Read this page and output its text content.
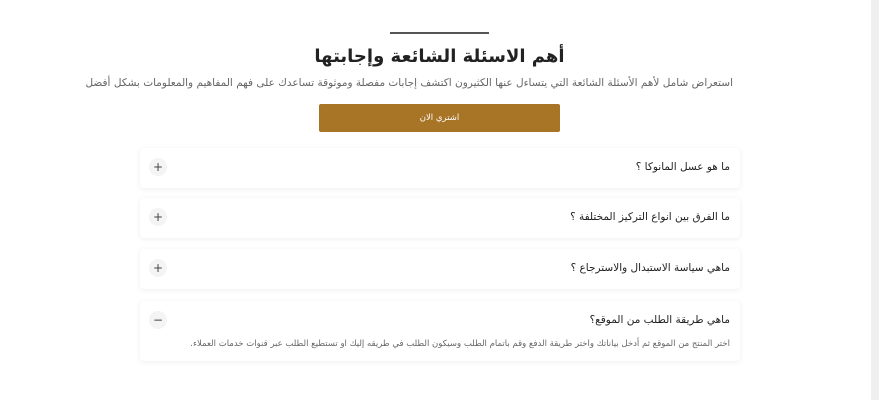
أهم الاسئلة الشائعة وإجابتها
استعراض شامل لأهم الأسئلة الشائعة التي يتساءل عنها الكثيرون اكتشف إجابات مفصلة وموثوقة تساعدك على فهم المفاهيم والمعلومات بشكل أفضل
اشتري الان
ما هو عسل المانوكا ؟
+
ما الفرق بين انواع التركيز المختلفة ؟
+
ماهي سياسة الاستبدال والاسترجاع ؟
+
ماهي طريقة الطلب من الموقع؟
−
اختر المنتج من الموقع ثم أدخل بياناتك واختر طريقة الدفع وقم باتمام الطلب وسيكون الطلب في طريقه إليك او تستطيع الطلب عبر قنوات خدمات العملاء.
